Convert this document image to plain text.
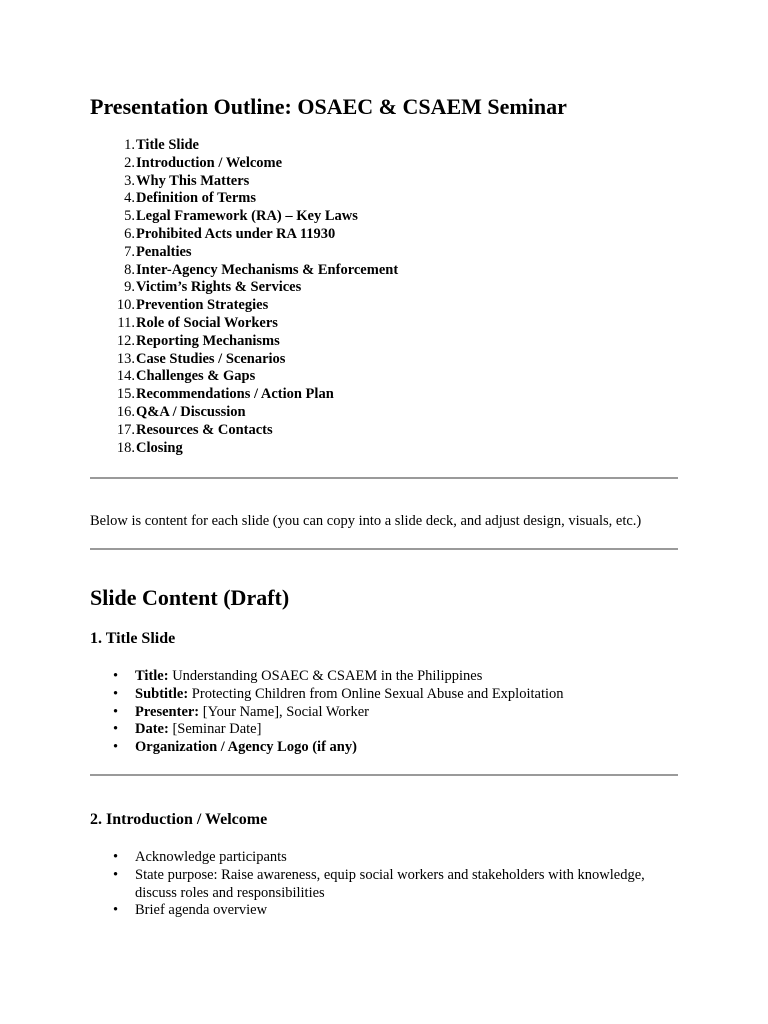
Presentation Outline: OSAEC & CSAEM Seminar
1. Title Slide
2. Introduction / Welcome
3. Why This Matters
4. Definition of Terms
5. Legal Framework (RA) – Key Laws
6. Prohibited Acts under RA 11930
7. Penalties
8. Inter-Agency Mechanisms & Enforcement
9. Victim’s Rights & Services
10. Prevention Strategies
11. Role of Social Workers
12. Reporting Mechanisms
13. Case Studies / Scenarios
14. Challenges & Gaps
15. Recommendations / Action Plan
16. Q&A / Discussion
17. Resources & Contacts
18. Closing
Below is content for each slide (you can copy into a slide deck, and adjust design, visuals, etc.)
Slide Content (Draft)
1. Title Slide
• Title: Understanding OSAEC & CSAEM in the Philippines
• Subtitle: Protecting Children from Online Sexual Abuse and Exploitation
• Presenter: [Your Name], Social Worker
• Date: [Seminar Date]
• Organization / Agency Logo (if any)
2. Introduction / Welcome
• Acknowledge participants
• State purpose: Raise awareness, equip social workers and stakeholders with knowledge, discuss roles and responsibilities
• Brief agenda overview
